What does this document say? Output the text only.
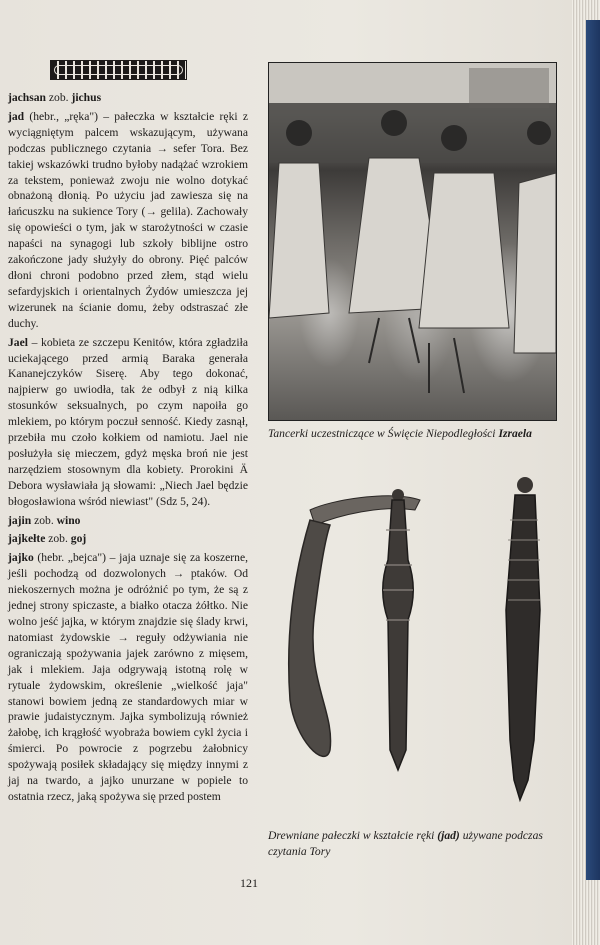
jachsan zob. jichus

jad (hebr., „ręka") – pałeczka w kształcie ręki z wyciągniętym palcem wskazującym, używana podczas publicznego czytania → sefer Tora. Bez takiej wskazówki trudno byłoby nadążać wzrokiem za tekstem, ponieważ zwoju nie wolno dotykać obnażoną dłonią. Po użyciu jad zawiesza się na łańcuszku na sukience Tory (→ gelila). Zachowały się opowieści o tym, jak w starożytności w czasie napaści na synagogi lub szkoły biblijne ostro zakończone jady służyły do obrony. Pięć palców dłoni chroni podobno przed złem, stąd wielu sefardyjskich i orientalnych Żydów umieszcza jej wizerunek na ścianie domu, żeby odstraszać złe duchy.

Jael – kobieta ze szczepu Kenitów, która zgładziła uciekającego przed armią Baraka generała Kananejczyków Siserę. Aby tego dokonać, najpierw go uwiodła, tak że odbył z nią kilka stosunków seksualnych, po czym napoiła go mlekiem, po którym poczuł senność. Kiedy zasnął, przebiła mu czoło kołkiem od namiotu. Jael nie posłużyła się mieczem, gdyż męska broń nie jest narzędziem stosownym dla kobiety. Prorokini Ä Debora wysławiała ją słowami: „Niech Jael będzie błogosławiona wśród niewiast" (Sdz 5, 24).

jajin zob. wino

jajkełte zob. goj

jajko (hebr. „bejca") – jaja uznaje się za koszerne, jeśli pochodzą od dozwolonych → ptaków. Od niekoszernych można je odróżnić po tym, że są z jednej strony spiczaste, a białko otacza żółtko. Nie wolno jeść jajka, w którym znajdzie się ślady krwi, natomiast żydowskie → reguły odżywiania nie ograniczają spożywania jajek zarówno z mięsem, jak i mlekiem. Jaja odgrywają istotną rolę w rytuale żydowskim, określenie „wielkość jaja" stanowi bowiem jedną ze standardowych miar w prawie judaistycznym. Jajka symbolizują również żałobę, ich krągłość wyobraża bowiem cykl życia i śmierci. Po powrocie z pogrzebu żałobnicy spożywają posiłek składający się między innymi z jaj na twardo, a jajko unurzane w popiele to ostatnia rzecz, jaką spożywa się przed postem

Tancerki uczestniczące w Święcie Niepodległości Izraela
Drewniane pałeczki w kształcie ręki (jad) używane podczas czytania Tory
121
